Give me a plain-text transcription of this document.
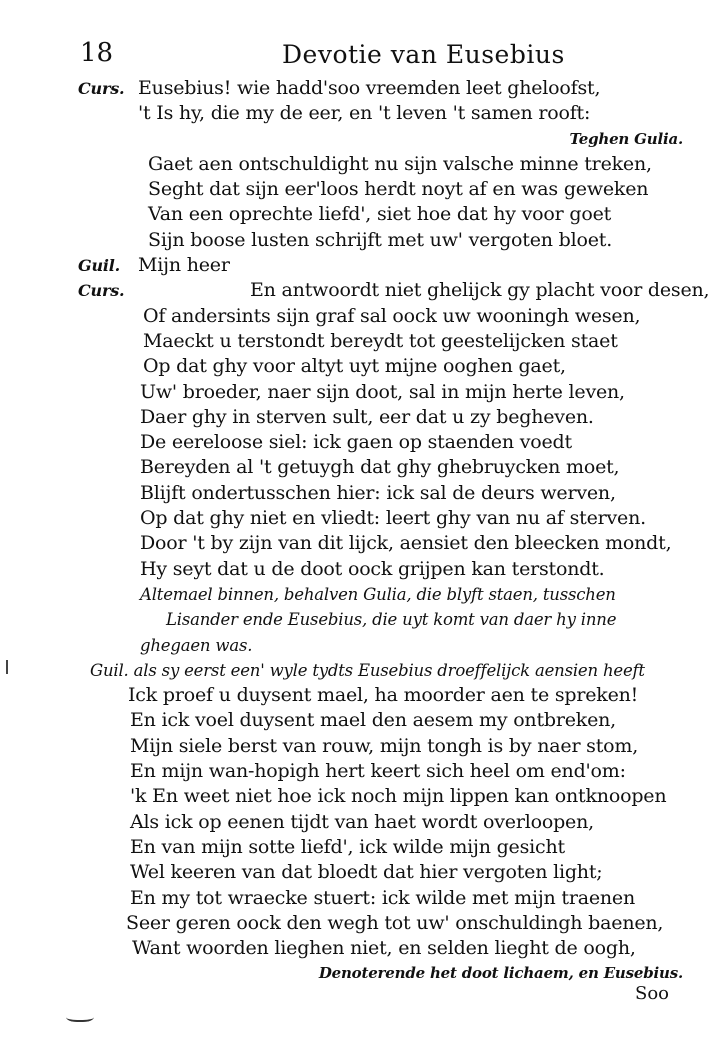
18	Devotie van Eusebius
Curs. Eusebius! wie hadd'soo vreemden leet gheloofst,
't Is hy, die my de eer, en 't leven 't samen rooft:
Teghen Gulia.
Gaet aen ontschuldight nu sijn valsche minne treken,
Seght dat sijn eer'loos herdt noyt af en was geweken
Van een oprechte liefd', siet hoe dat hy voor goet
Sijn boose lusten schrijft met uw' vergoten bloet.
Guil. Mijn heer
Curs.	En antwoordt niet ghelijck gy placht voor desen,
Of andersints sijn graf sal oock uw wooningh wesen,
Maeckt u terstondt bereydt tot geestelijcken staet
Op dat ghy voor altyt uyt mijne ooghen gaet,
Uw' broeder, naer sijn doot, sal in mijn herte leven,
Daer ghy in sterven sult, eer dat u zy begheven.
De eereloose siel: ick gaen op staenden voedt
Bereyden al 't getuygh dat ghy ghebruycken moet,
Blijft ondertusschen hier: ick sal de deurs werven,
Op dat ghy niet en vliedt: leert ghy van nu af sterven.
Door 't by zijn van dit lijck, aensiet den bleecken mondt,
Hy seyt dat u de doot oock grijpen kan terstondt.
Altemael binnen, behalven Gulia, die blyft staen, tusschen
Lisander ende Eusebius, die uyt komt van daer hy inne
ghegaen was.
Guil. als sy eerst een' wyle tydts Eusebius droeffelijck aensien heeft
Ick proef u duysent mael, ha moorder aen te spreken!
En ick voel duysent mael den aesem my ontbreken,
Mijn siele berst van rouw, mijn tongh is by naer stom,
En mijn wan-hopigh hert keert sich heel om end'om:
'k En weet niet hoe ick noch mijn lippen kan ontknoopen
Als ick op eenen tijdt van haet wordt overloopen,
En van mijn sotte liefd', ick wilde mijn gesicht
Wel keeren van dat bloedt dat hier vergoten light;
En my tot wraecke stuert: ick wilde met mijn traenen
Seer geren oock den wegh tot uw' onschuldingh baenen,
Want woorden lieghen niet, en selden lieght de oogh,
Denoterende het doot lichaem, en Eusebius.
Soo
